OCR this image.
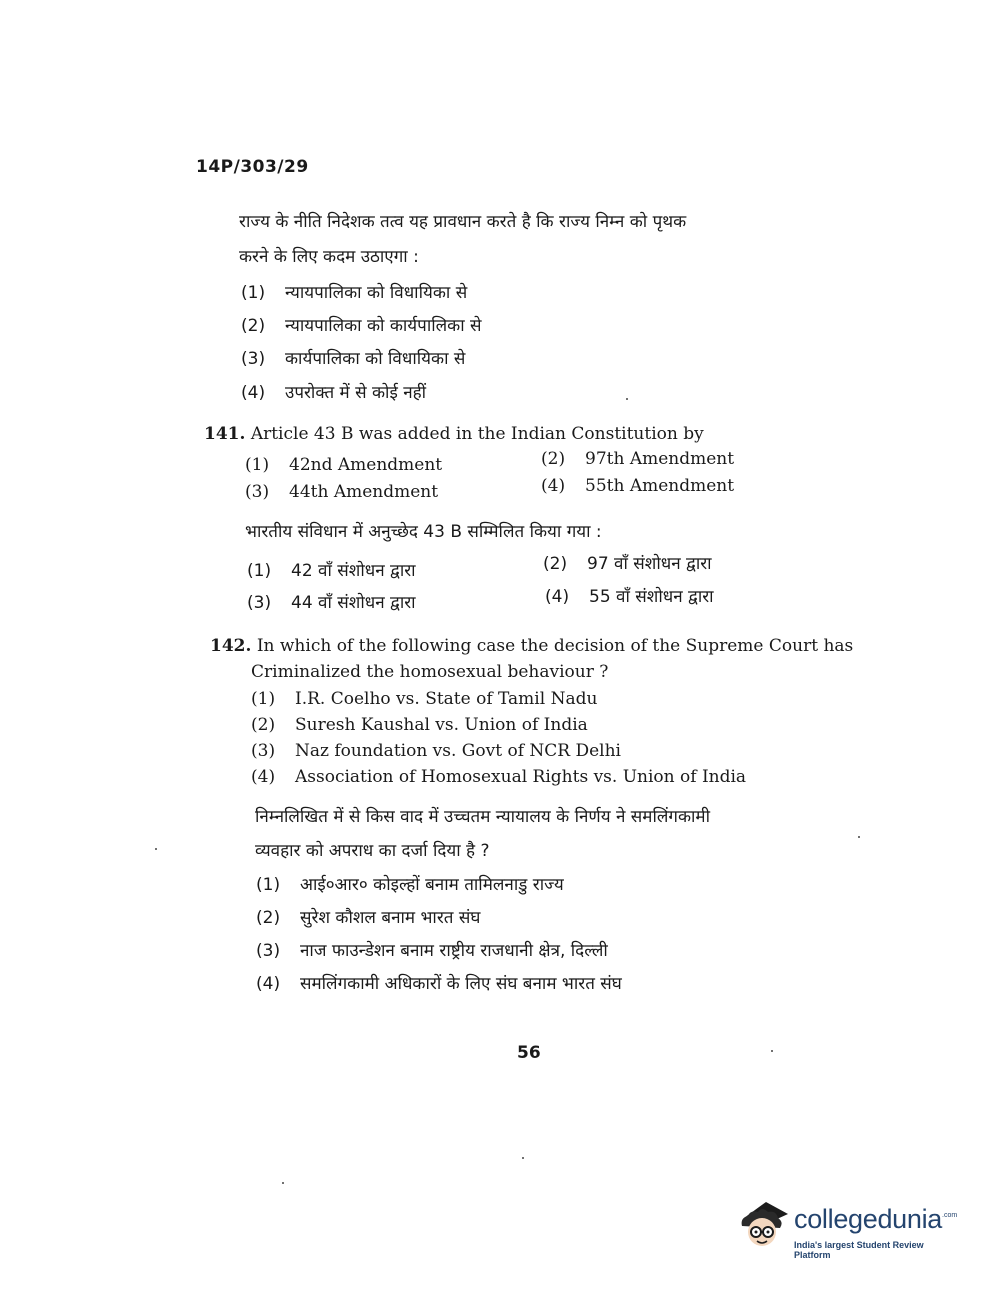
14P/303/29
राज्य के नीति निदेशक तत्व यह प्रावधान करते है कि राज्य निम्न को पृथक
करने के लिए कदम उठाएगा :
(1) न्यायपालिका को विधायिका से
(2) न्यायपालिका को कार्यपालिका से
(3) कार्यपालिका को विधायिका से
(4) उपरोक्त में से कोई नहीं
141. Article 43 B was added in the Indian Constitution by
(1) 42nd Amendment	(2) 97th Amendment
(3) 44th Amendment	(4) 55th Amendment
भारतीय संविधान में अनुच्छेद 43 B सम्मिलित किया गया :
(1) 42 वाँ संशोधन द्वारा	(2) 97 वाँ संशोधन द्वारा
(3) 44 वाँ संशोधन द्वारा	(4) 55 वाँ संशोधन द्वारा
142. In which of the following case the decision of the Supreme Court has
Criminalized the homosexual behaviour ?
(1) I.R. Coelho vs. State of Tamil Nadu
(2) Suresh Kaushal vs. Union of India
(3) Naz foundation vs. Govt of NCR Delhi
(4) Association of Homosexual Rights vs. Union of India
निम्नलिखित में से किस वाद में उच्चतम न्यायालय के निर्णय ने समलिंगकामी
व्यवहार को अपराध का दर्जा दिया है ?
(1) आई०आर० कोइल्हों बनाम तामिलनाडु राज्य
(2) सुरेश कौशल बनाम भारत संघ
(3) नाज फाउन्डेशन बनाम राष्ट्रीय राजधानी क्षेत्र, दिल्ली
(4) समलिंगकामी अधिकारों के लिए संघ बनाम भारत संघ
56
collegedunia .com
India's largest Student Review Platform
